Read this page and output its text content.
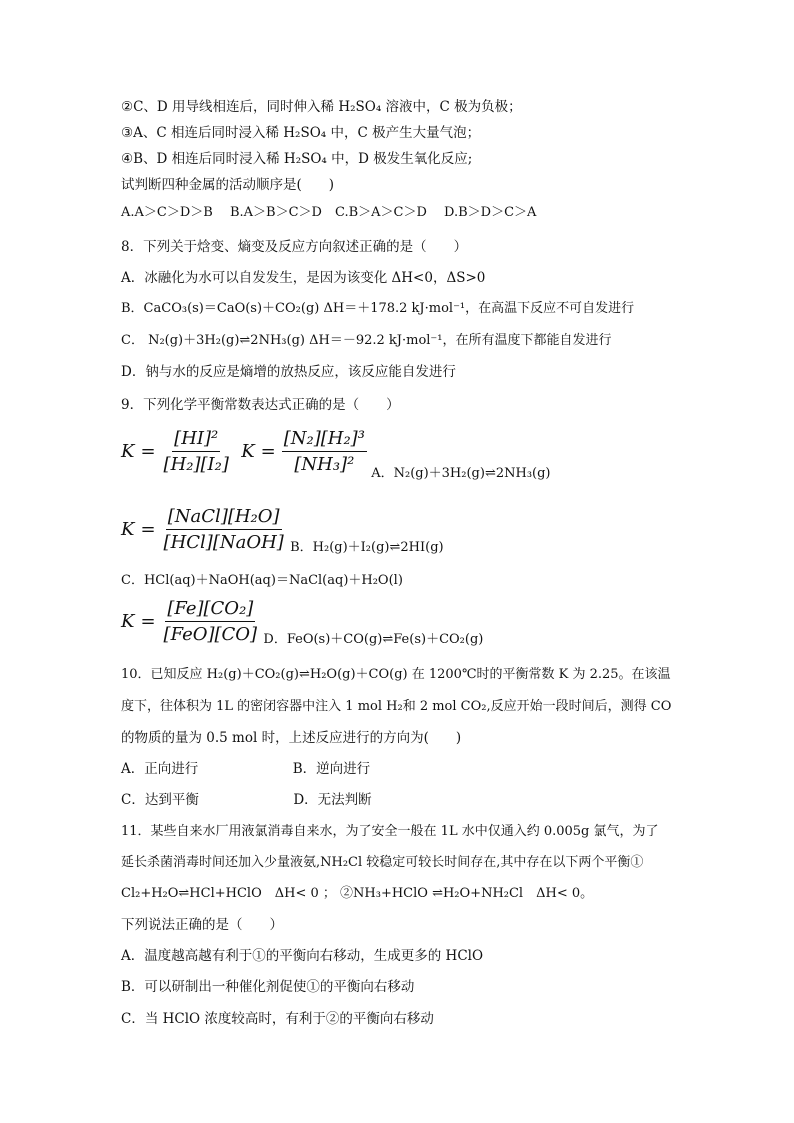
②C、D 用导线相连后，同时伸入稀 H₂SO₄ 溶液中，C 极为负极；
③A、C 相连后同时浸入稀 H₂SO₄ 中，C 极产生大量气泡；
④B、D 相连后同时浸入稀 H₂SO₄ 中，D 极发生氧化反应;
试判断四种金属的活动顺序是(　　)
A.A＞C＞D＞B　 B.A＞B＞C＞D　C.B＞A＞C＞D　 D.B＞D＞C＞A
8．下列关于焓变、熵变及反应方向叙述正确的是（　　）
A．冰融化为水可以自发发生，是因为该变化 ΔH<0，ΔS>0
B．CaCO₃(s)＝CaO(s)＋CO₂(g) ΔH＝＋178.2 kJ·mol⁻¹，在高温下反应不可自发进行
C． N₂(g)＋3H₂(g)⇌2NH₃(g) ΔH＝－92.2 kJ·mol⁻¹，在所有温度下都能自发进行
D．钠与水的反应是熵增的放热反应，该反应能自发进行
9．下列化学平衡常数表达式正确的是（　　）
$K = \frac{\text{[HI]²}}{\text{[H₂][I₂]}}$
$K = \frac{\text{[N₂][H₂]³}}{\text{[NH₃]²}}$ A．N₂(g)＋3H₂(g)⇌2NH₃(g)
$K = \frac{\text{[NaCl][H₂O]}}{\text{[HCl][NaOH]}}$ B．H₂(g)＋I₂(g)⇌2HI(g)
C．HCl(aq)＋NaOH(aq)＝NaCl(aq)＋H₂O(l)
$K = \frac{\text{[Fe][CO₂]}}{\text{[FeO][CO]}}$ D．FeO(s)＋CO(g)⇌Fe(s)＋CO₂(g)
10．已知反应 H₂(g)＋CO₂(g)⇌H₂O(g)＋CO(g) 在 1200℃时的平衡常数 K 为 2.25。在该温
度下，往体积为 1L 的密闭容器中注入 1 mol H₂和 2 mol CO₂,反应开始一段时间后，测得 CO
的物质的量为 0.5 mol 时，上述反应进行的方向为(　　)
A．正向进行　　　　　　　B．逆向进行
C．达到平衡　　　　　　　D．无法判断
11．某些自来水厂用液氯消毒自来水，为了安全一般在 1L 水中仅通入约 0.005g 氯气，为了
延长杀菌消毒时间还加入少量液氨,NH₂Cl 较稳定可较长时间存在,其中存在以下两个平衡①
Cl₂+H₂O⇌HCl+HClO　ΔH< 0 ； ②NH₃+HClO ⇌H₂O+NH₂Cl　ΔH< 0。
下列说法正确的是（　　）
A．温度越高越有利于①的平衡向右移动，生成更多的 HClO
B．可以研制出一种催化剂促使①的平衡向右移动
C．当 HClO 浓度较高时，有利于②的平衡向右移动
